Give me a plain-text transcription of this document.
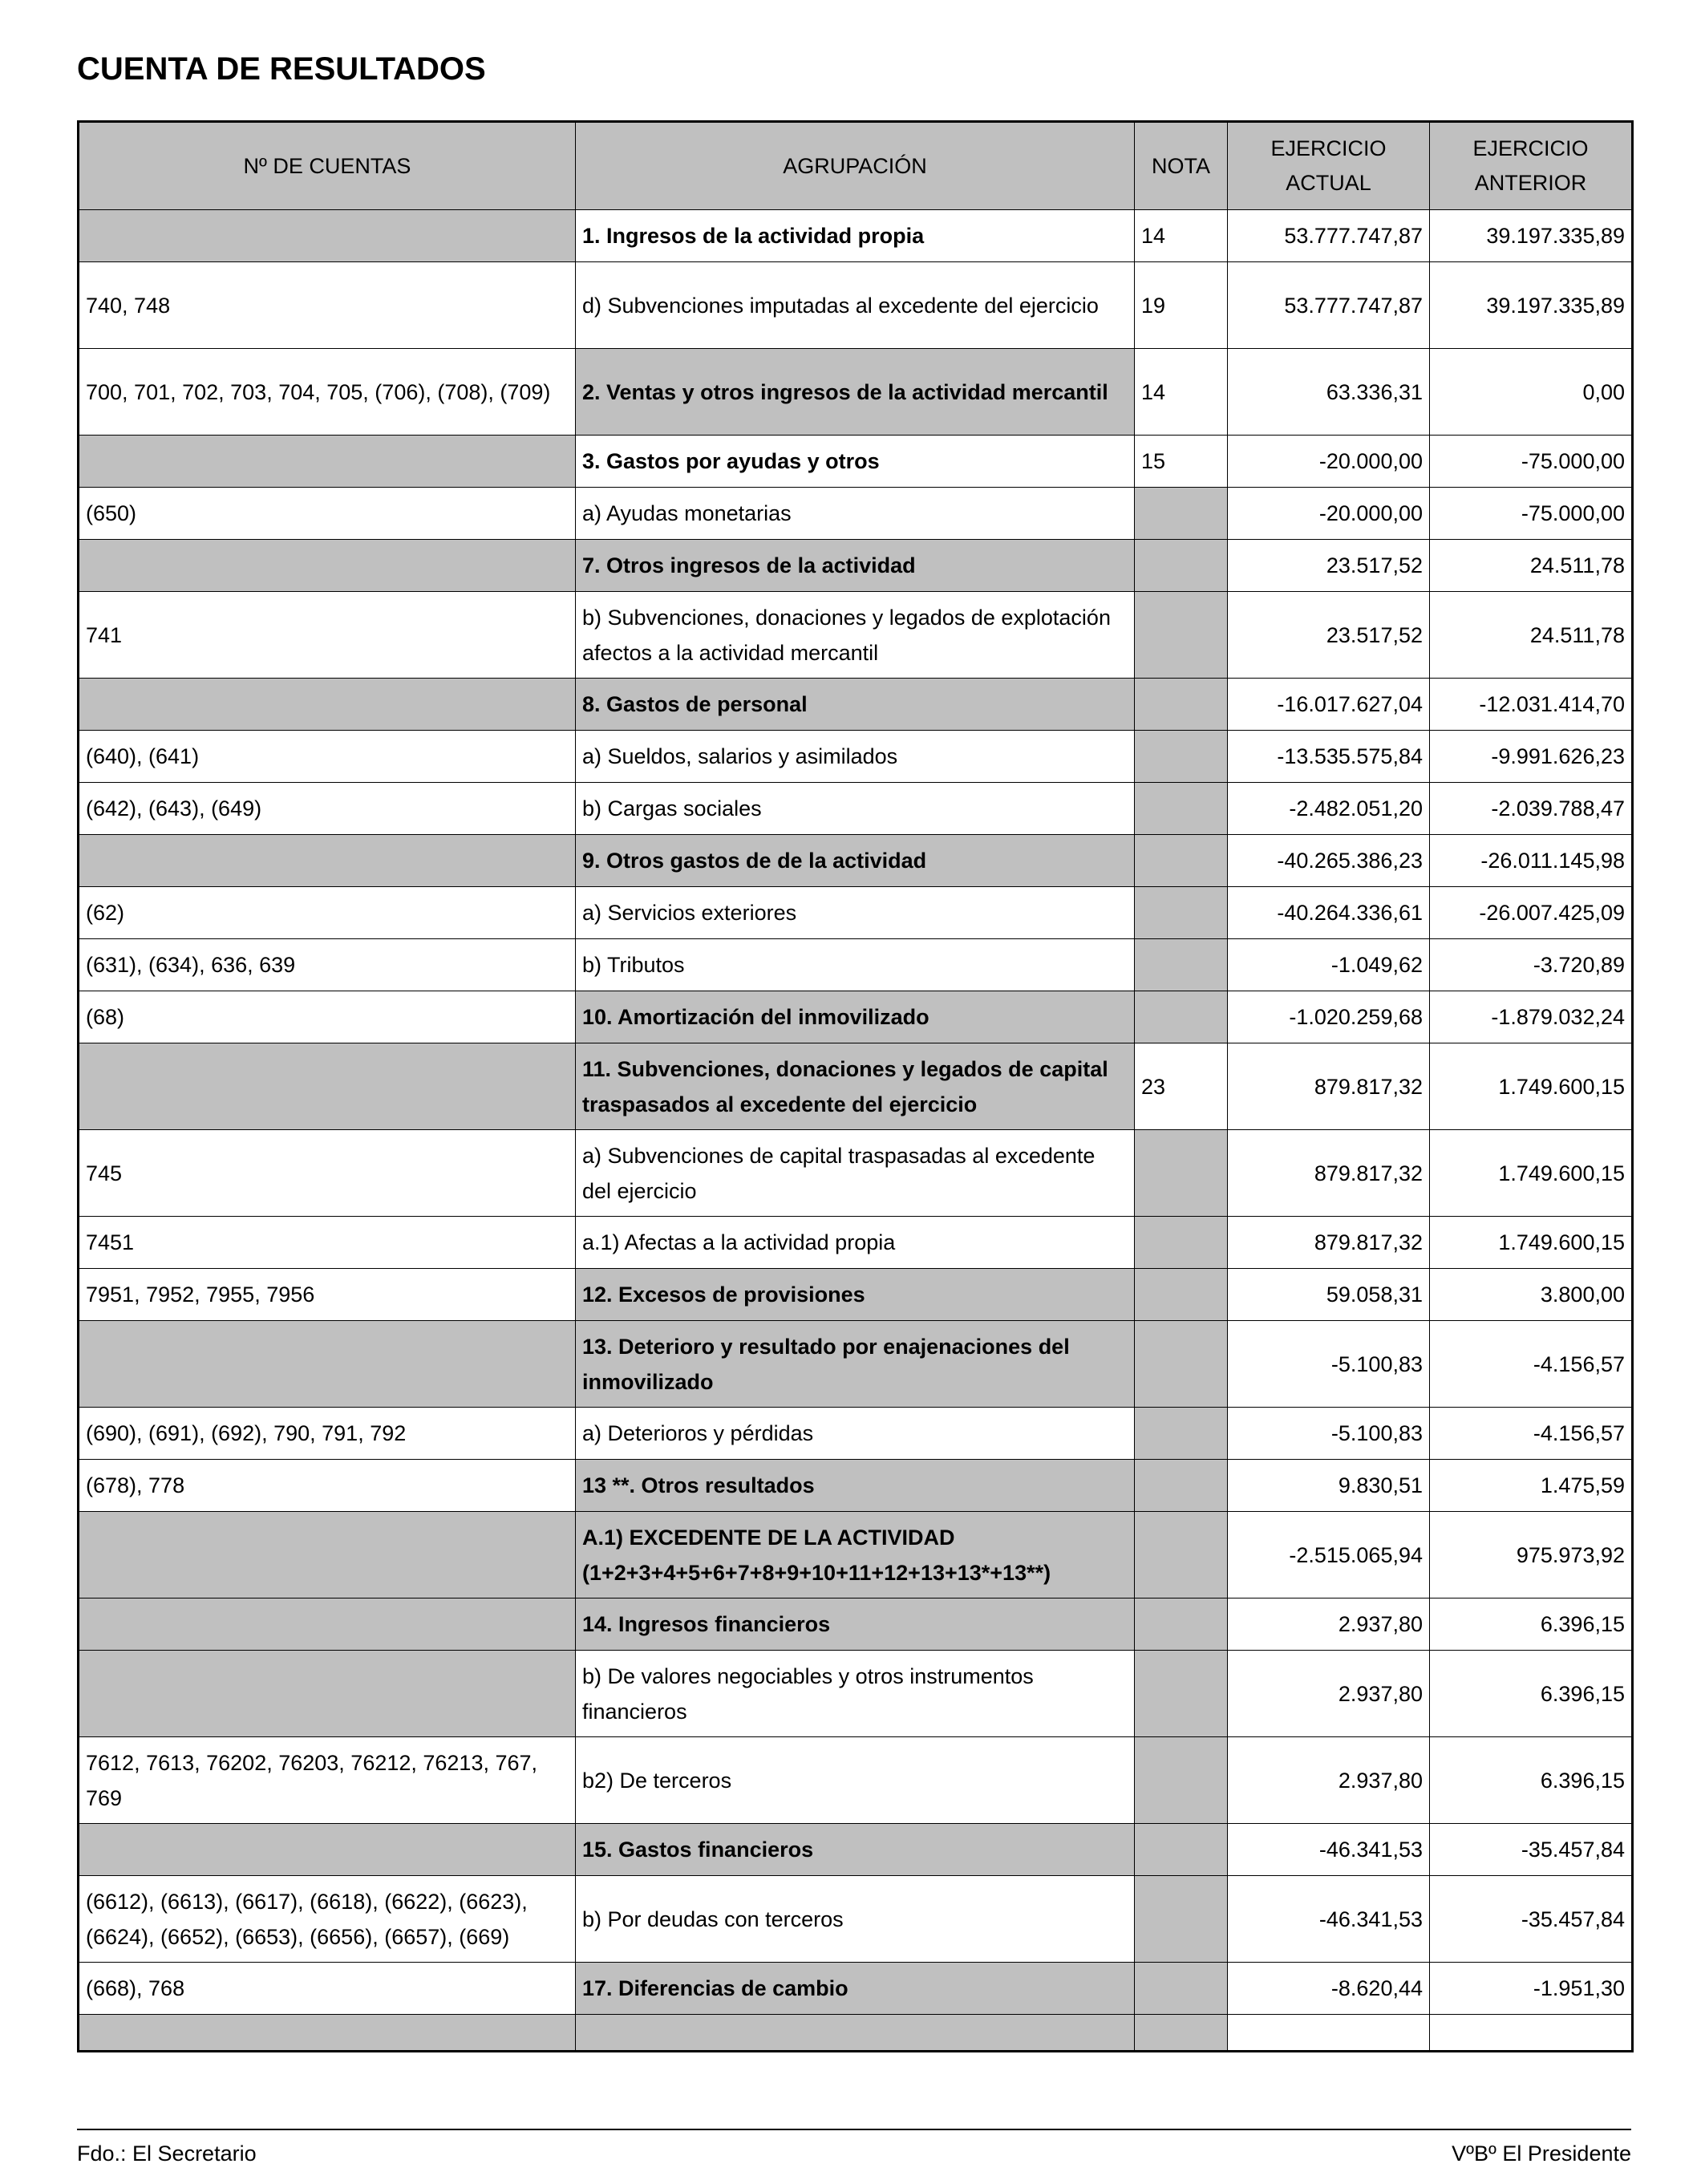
CUENTA DE RESULTADOS
Nº DE CUENTAS	AGRUPACIÓN	NOTA	EJERCICIO ACTUAL	EJERCICIO ANTERIOR
	1. Ingresos de la actividad propia	14	53.777.747,87	39.197.335,89
740, 748	d) Subvenciones imputadas al excedente del ejercicio	19	53.777.747,87	39.197.335,89
700, 701, 702, 703, 704, 705, (706), (708), (709)	2. Ventas y otros ingresos de la actividad mercantil	14	63.336,31	0,00
	3. Gastos por ayudas y otros	15	-20.000,00	-75.000,00
(650)	a) Ayudas monetarias		-20.000,00	-75.000,00
	7. Otros ingresos de la actividad		23.517,52	24.511,78
741	b) Subvenciones, donaciones y legados de explotación afectos a la actividad mercantil		23.517,52	24.511,78
	8. Gastos de personal		-16.017.627,04	-12.031.414,70
(640), (641)	a) Sueldos, salarios y asimilados		-13.535.575,84	-9.991.626,23
(642), (643), (649)	b) Cargas sociales		-2.482.051,20	-2.039.788,47
	9. Otros gastos de de la actividad		-40.265.386,23	-26.011.145,98
(62)	a) Servicios exteriores		-40.264.336,61	-26.007.425,09
(631), (634), 636, 639	b) Tributos		-1.049,62	-3.720,89
(68)	10. Amortización del inmovilizado		-1.020.259,68	-1.879.032,24
	11. Subvenciones, donaciones y legados de capital traspasados al excedente del ejercicio	23	879.817,32	1.749.600,15
745	a) Subvenciones de capital traspasadas al excedente del ejercicio		879.817,32	1.749.600,15
7451	a.1) Afectas a la actividad propia		879.817,32	1.749.600,15
7951, 7952, 7955, 7956	12. Excesos de provisiones		59.058,31	3.800,00
	13. Deterioro y resultado por enajenaciones del inmovilizado		-5.100,83	-4.156,57
(690), (691), (692), 790, 791, 792	a) Deterioros y pérdidas		-5.100,83	-4.156,57
(678), 778	13 **. Otros resultados		9.830,51	1.475,59
	A.1) EXCEDENTE DE LA ACTIVIDAD (1+2+3+4+5+6+7+8+9+10+11+12+13+13*+13**)		-2.515.065,94	975.973,92
	14. Ingresos financieros		2.937,80	6.396,15
	b) De valores negociables y otros instrumentos financieros		2.937,80	6.396,15
7612, 7613, 76202, 76203, 76212, 76213, 767, 769	b2) De terceros		2.937,80	6.396,15
	15. Gastos financieros		-46.341,53	-35.457,84
(6612), (6613), (6617), (6618), (6622), (6623), (6624), (6652), (6653), (6656), (6657), (669)	b) Por deudas con terceros		-46.341,53	-35.457,84
(668), 768	17. Diferencias de cambio		-8.620,44	-1.951,30

Fdo.: El Secretario	VºBº El Presidente
